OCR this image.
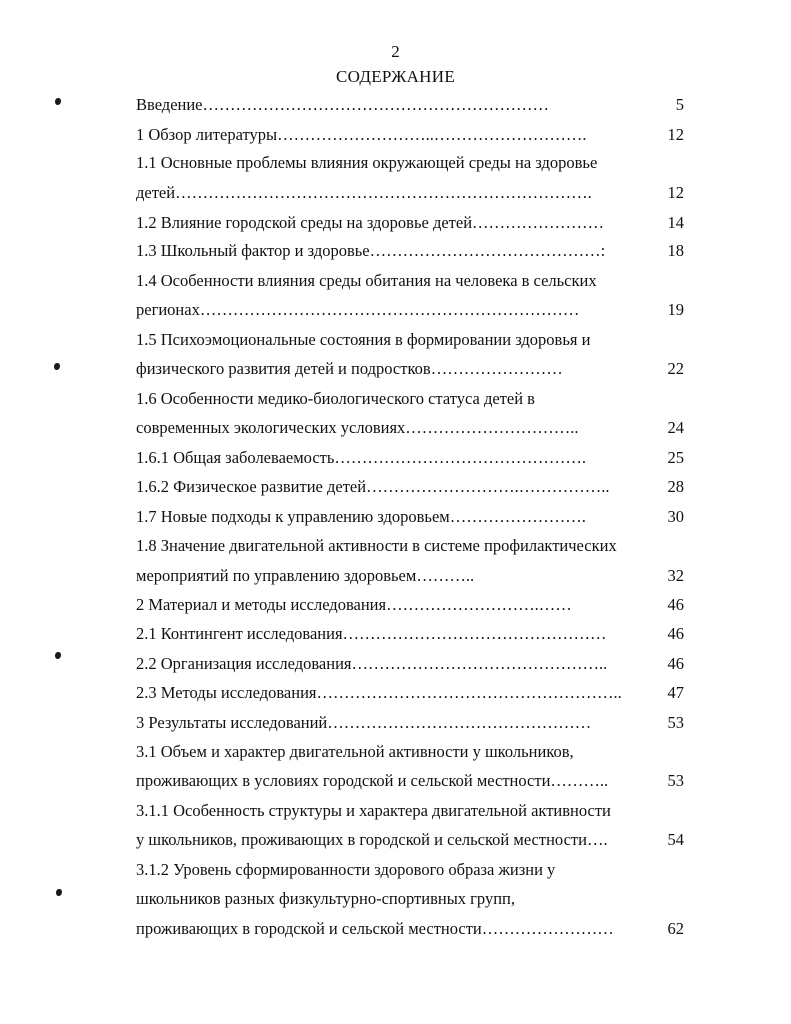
2
СОДЕРЖАНИЕ
Введение………………………………………………………	5
1 Обзор литературы………………………..……………………….	12
1.1 Основные проблемы влияния окружающей среды на здоровье
детей………………………………………………………………….	12
1.2 Влияние городской среды на здоровье детей……………………	14
1.3 Школьный фактор и здоровье……………………………………:	18
1.4 Особенности влияния среды обитания на человека в сельских
регионах……………………………………………………………	19
1.5 Психоэмоциональные состояния в формировании здоровья и
физического развития детей и подростков……………………	22
1.6 Особенности медико-биологического статуса детей в
современных экологических условиях…………………………..	24
1.6.1 Общая заболеваемость……………………………………….	25
1.6.2 Физическое развитие детей……………………….……………..	28
1.7 Новые подходы к управлению здоровьем…………………….	30
1.8 Значение двигательной активности в системе профилактических
мероприятий по управлению здоровьем………..	32
2 Материал и методы исследования……………………….……	46
2.1 Контингент исследования…………………………………………	46
2.2 Организация исследования………………………………………..	46
2.3 Методы исследования………………………………………………..	47
3 Результаты исследований…………………………………………	53
3.1 Объем и характер двигательной активности у школьников,
проживающих в условиях городской и сельской местности………..	53
3.1.1 Особенность структуры и характера двигательной активности
у школьников, проживающих в городской и сельской местности….	54
3.1.2 Уровень сформированности здорового образа жизни у
школьников разных физкультурно-спортивных групп,
проживающих в городской и сельской местности……………………	62
